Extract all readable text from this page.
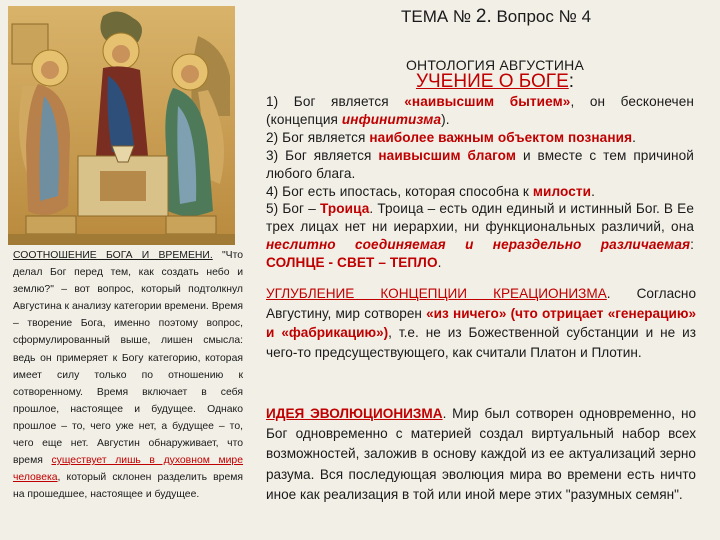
СООТНОШЕНИЕ БОГА И ВРЕМЕНИ. "Что делал Бог перед тем, как создать небо и землю?" – вот вопрос, который подтолкнул Августина к анализу категории времени. Время – творение Бога, именно поэтому вопрос, сформулированный выше, лишен смысла: ведь он примеряет к Богу категорию, которая имеет силу только по отношению к сотворенному. Время включает в себя прошлое, настоящее и будущее. Однако прошлое – то, чего уже нет, а будущее – то, чего еще нет. Августин обнаруживает, что время существует лишь в духовном мире человека, который склонен разделить время на прошедшее, настоящее и будущее.
ТЕМА № 2. Вопрос № 4
ОНТОЛОГИЯ АВГУСТИНА
УЧЕНИЕ О БОГЕ:
1) Бог является «наивысшим бытием», он бесконечен (концепция инфинитизма).
2) Бог является наиболее важным объектом познания.
3) Бог является наивысшим благом и вместе с тем причиной любого блага.
4) Бог есть ипостась, которая способна к милости.
5) Бог – Троица. Троица – есть один единый и истинный Бог. В Ее трех лицах нет ни иерархии, ни функциональных различий, она неслитно соединяемая и нераздельно различаемая: СОЛНЦЕ - СВЕТ – ТЕПЛО.
УГЛУБЛЕНИЕ КОНЦЕПЦИИ КРЕАЦИОНИЗМА. Согласно Августину, мир сотворен «из ничего» (что отрицает «генерацию» и «фабрикацию»), т.е. не из Божественной субстанции и не из чего-то предсуществующего, как считали Платон и Плотин.
ИДЕЯ ЭВОЛЮЦИОНИЗМА. Мир был сотворен одновременно, но Бог одновременно с материей создал виртуальный набор всех возможностей, заложив в основу каждой из ее актуализаций зерно разума. Вся последующая эволюция мира во времени есть ничто иное как реализация в той или иной мере этих "разумных семян".
